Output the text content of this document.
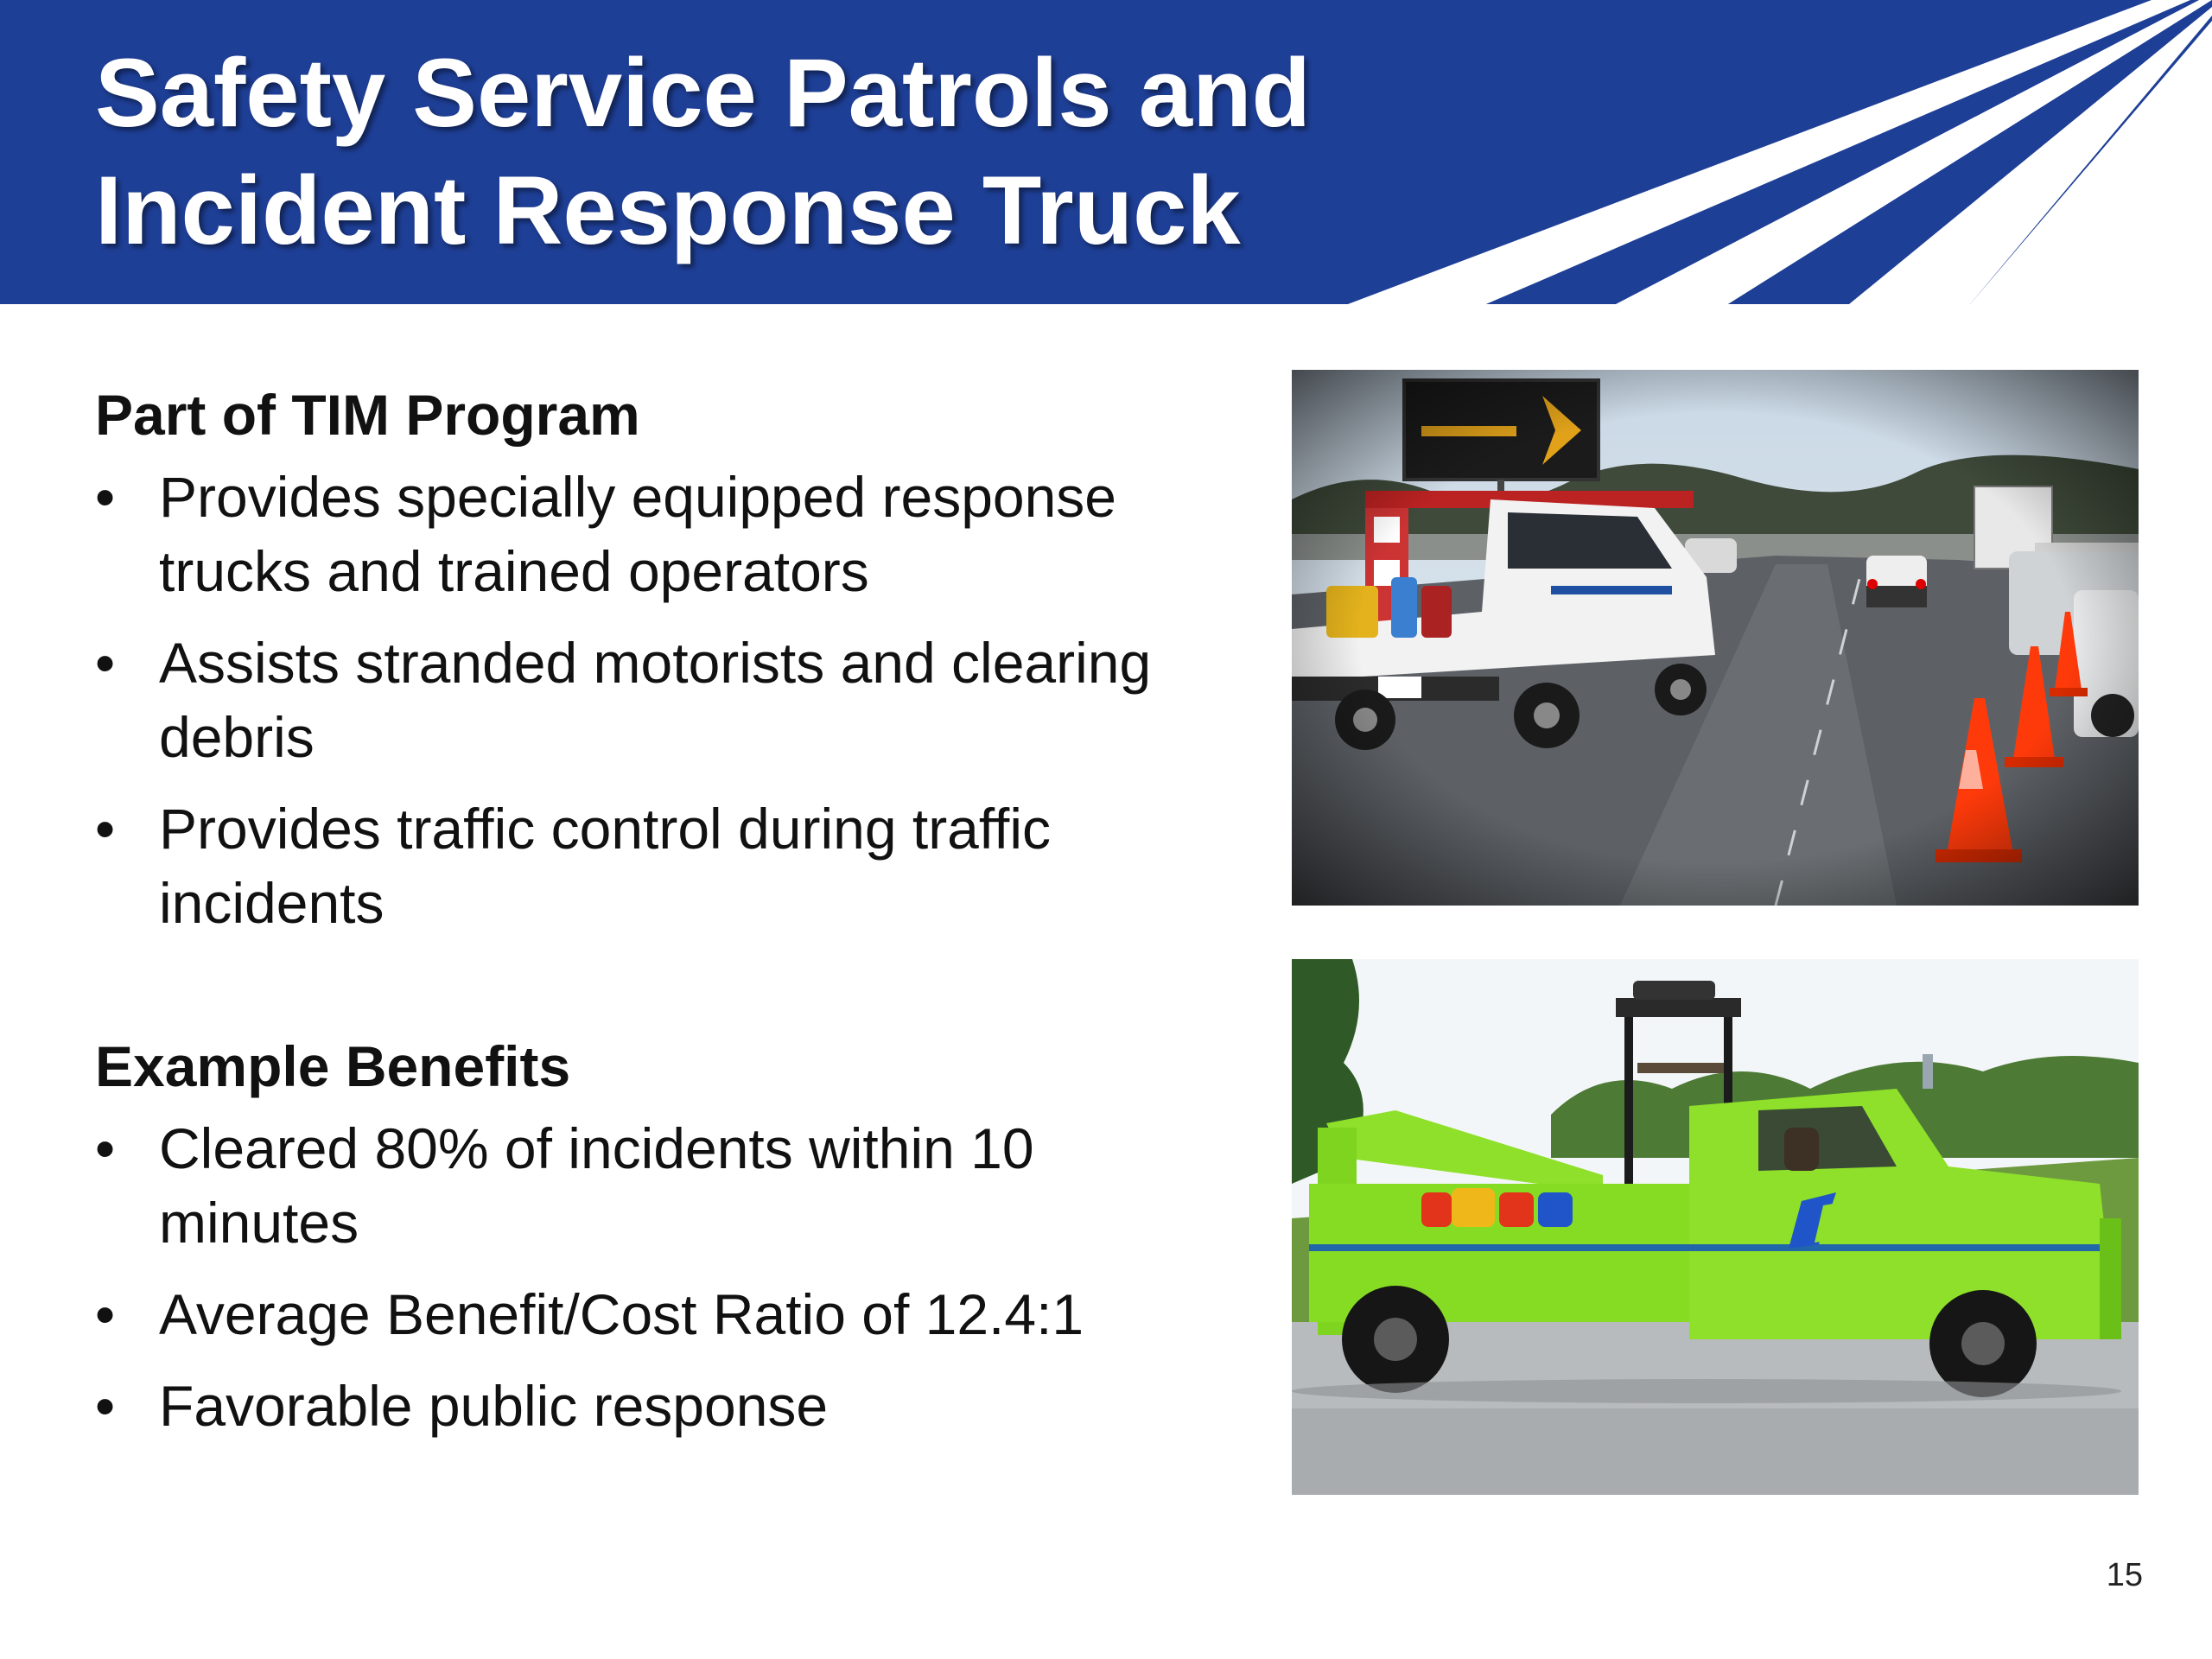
Safety Service Patrols and
Incident Response Truck
Part of TIM Program
• Provides specially equipped response trucks and trained operators
• Assists stranded motorists and clearing debris
• Provides traffic control during traffic incidents
Example Benefits
• Cleared 80% of incidents within 10 minutes
• Average Benefit/Cost Ratio of 12.4:1
• Favorable public response
15
